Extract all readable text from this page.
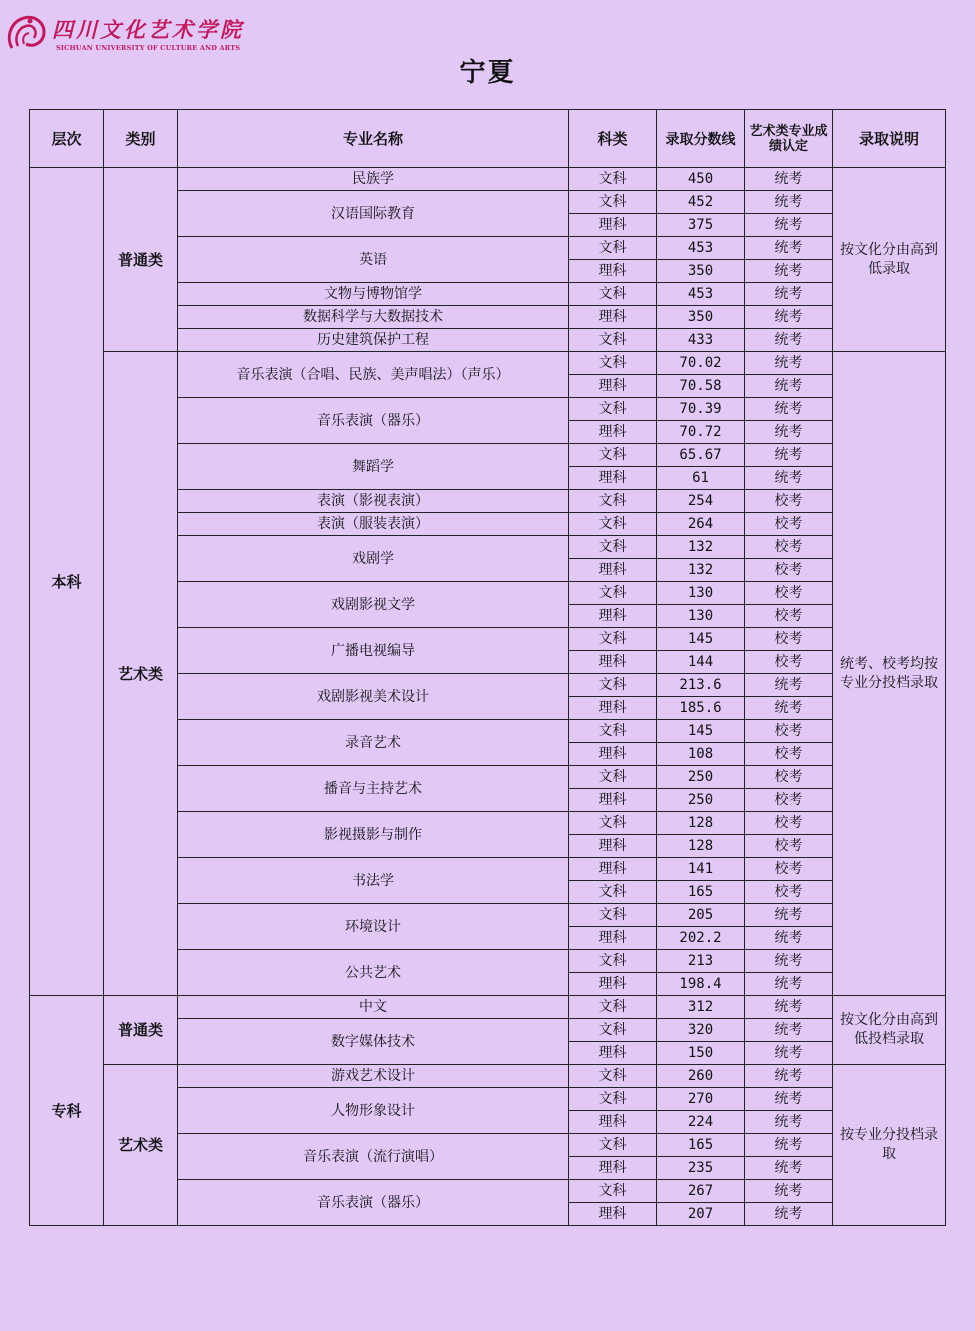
四川文化艺术学院
SICHUAN UNIVERSITY OF CULTURE AND ARTS
宁夏
层次	类别	专业名称	科类	录取分数线	艺术类专业成绩认定	录取说明
本科	普通类	民族学	文科	450	统考	按文化分由高到低录取
		汉语国际教育	文科	452	统考	
			理科	375	统考	
		英语	文科	453	统考	
			理科	350	统考	
		文物与博物馆学	文科	453	统考	
		数据科学与大数据技术	理科	350	统考	
		历史建筑保护工程	文科	433	统考	
	艺术类	音乐表演（合唱、民族、美声唱法）（声乐）	文科	70.02	统考	统考、校考均按专业分投档录取
			理科	70.58	统考	
		音乐表演（器乐）	文科	70.39	统考	
			理科	70.72	统考	
		舞蹈学	文科	65.67	统考	
			理科	61	统考	
		表演（影视表演）	文科	254	校考	
		表演（服装表演）	文科	264	校考	
		戏剧学	文科	132	校考	
			理科	132	校考	
		戏剧影视文学	文科	130	校考	
			理科	130	校考	
		广播电视编导	文科	145	校考	
			理科	144	校考	
		戏剧影视美术设计	文科	213.6	统考	
			理科	185.6	统考	
		录音艺术	文科	145	校考	
			理科	108	校考	
		播音与主持艺术	文科	250	校考	
			理科	250	校考	
		影视摄影与制作	文科	128	校考	
			理科	128	校考	
		书法学	理科	141	校考	
			文科	165	校考	
		环境设计	文科	205	统考	
			理科	202.2	统考	
		公共艺术	文科	213	统考	
			理科	198.4	统考	
专科	普通类	中文	文科	312	统考	按文化分由高到低投档录取
		数字媒体技术	文科	320	统考	
			理科	150	统考	
	艺术类	游戏艺术设计	文科	260	统考	按专业分投档录取
		人物形象设计	文科	270	统考	
			理科	224	统考	
		音乐表演（流行演唱）	文科	165	统考	
			理科	235	统考	
		音乐表演（器乐）	文科	267	统考	
			理科	207	统考	
